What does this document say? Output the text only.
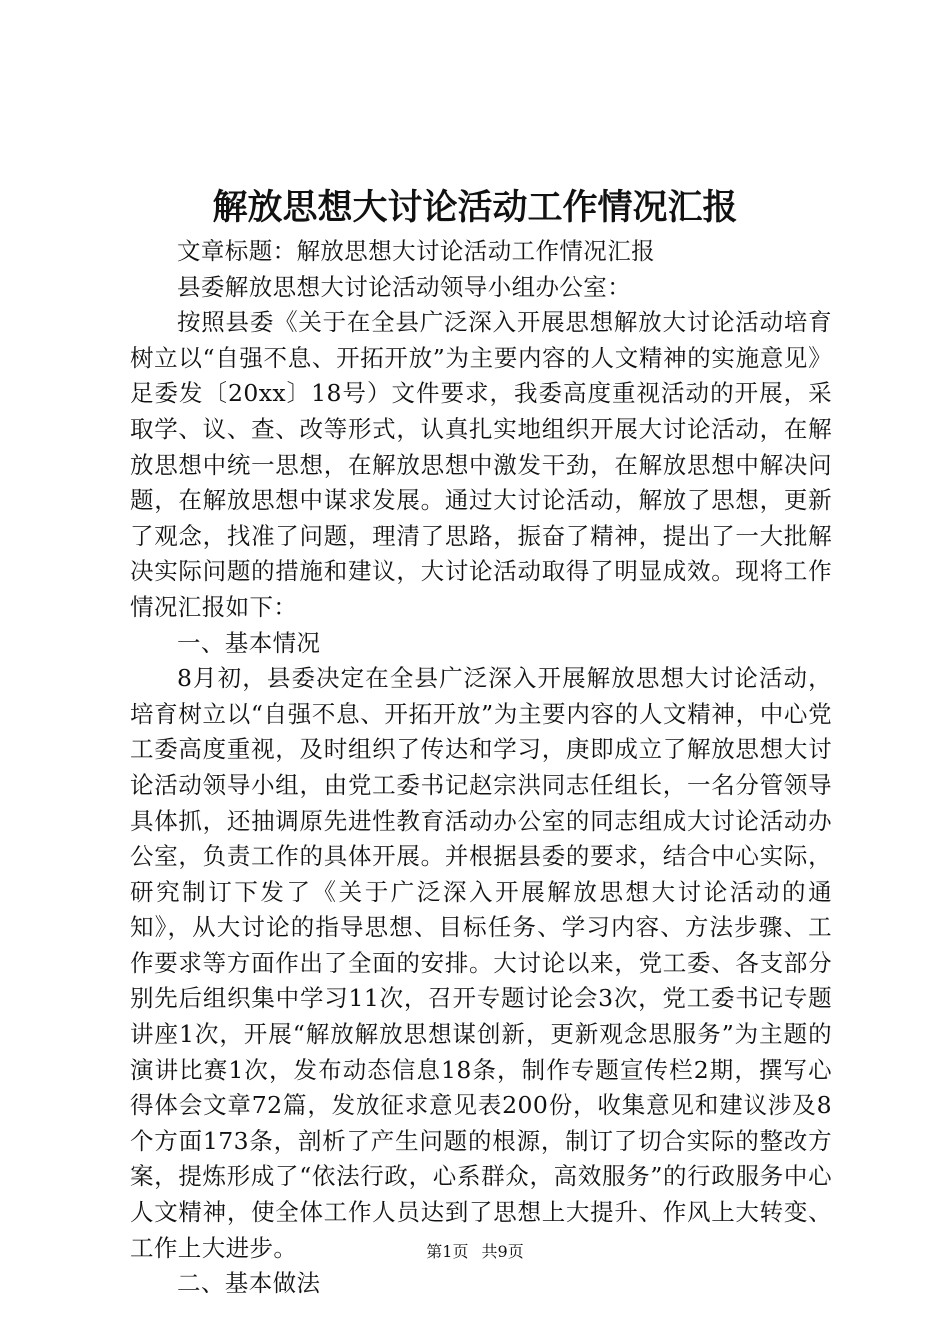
解放思想大讨论活动工作情况汇报

文章标题：解放思想大讨论活动工作情况汇报

县委解放思想大讨论活动领导小组办公室：

按照县委《关于在全县广泛深入开展思想解放大讨论活动培育树立以“自强不息、开拓开放”为主要内容的人文精神的实施意见》足委发〔20xx〕18号）文件要求，我委高度重视活动的开展，采取学、议、查、改等形式，认真扎实地组织开展大讨论活动，在解放思想中统一思想，在解放思想中激发干劲，在解放思想中解决问题，在解放思想中谋求发展。通过大讨论活动，解放了思想，更新了观念，找准了问题，理清了思路，振奋了精神，提出了一大批解决实际问题的措施和建议，大讨论活动取得了明显成效。现将工作情况汇报如下：

一、基本情况

8月初，县委决定在全县广泛深入开展解放思想大讨论活动，培育树立以“自强不息、开拓开放”为主要内容的人文精神，中心党工委高度重视，及时组织了传达和学习，庚即成立了解放思想大讨论活动领导小组，由党工委书记赵宗洪同志任组长，一名分管领导具体抓，还抽调原先进性教育活动办公室的同志组成大讨论活动办公室，负责工作的具体开展。并根据县委的要求，结合中心实际，研究制订下发了《关于广泛深入开展解放思想大讨论活动的通知》，从大讨论的指导思想、目标任务、学习内容、方法步骤、工作要求等方面作出了全面的安排。大讨论以来，党工委、各支部分别先后组织集中学习11次，召开专题讨论会3次，党工委书记专题讲座1次，开展“解放解放思想谋创新，更新观念思服务”为主题的演讲比赛1次，发布动态信息18条，制作专题宣传栏2期，撰写心得体会文章72篇，发放征求意见表200份，收集意见和建议涉及8个方面173条，剖析了产生问题的根源，制订了切合实际的整改方案，提炼形成了“依法行政，心系群众，高效服务”的行政服务中心人文精神，使全体工作人员达到了思想上大提升、作风上大转变、工作上大进步。

二、基本做法

第1页 共9页
